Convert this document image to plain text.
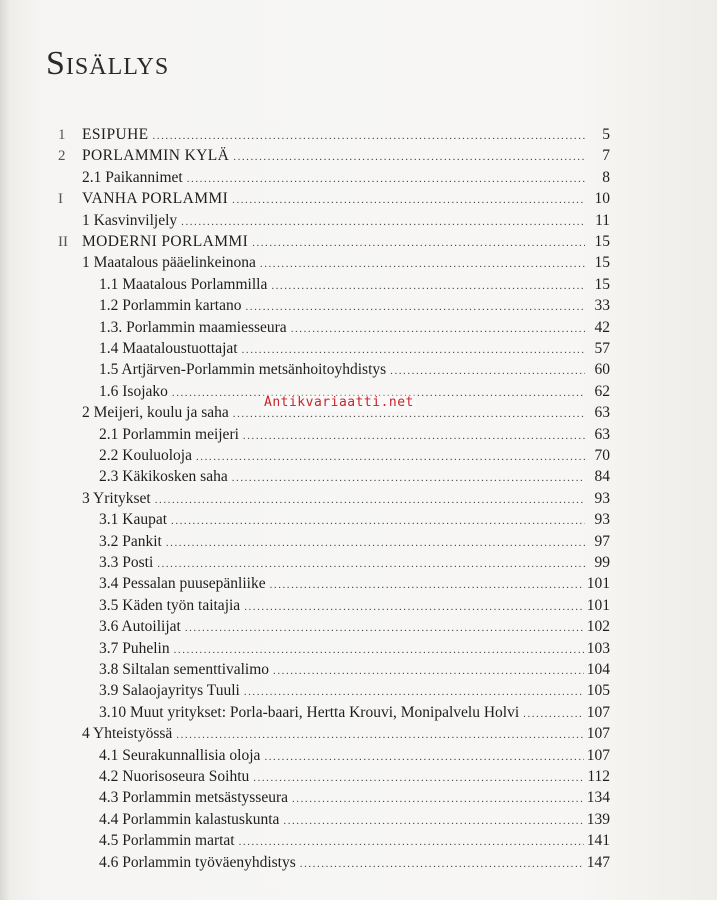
Sisällys
1	ESIPUHE . . .	5
2	PORLAMMIN KYLÄ . . .	7
2.1 Paikannimet . . .	8
I	VANHA PORLAMMI . . .	10
1 Kasvinviljely . . .	11
II MODERNI PORLAMMI . . .	15
1 Maatalous pääelinkeinona . . .	15
1.1 Maatalous Porlammilla . . .	15
1.2 Porlammin kartano . . .	33
1.3. Porlammin maamiesseura . . .	42
1.4 Maataloustuottajat . . .	57
1.5 Artjärven-Porlammin metsänhoitoyhdistys . . .	60
1.6 Isojako . . .	62
2 Meijeri, koulu ja saha . . .	63
2.1 Porlammin meijeri . . .	63
2.2 Kouluoloja . . .	70
2.3 Käkikosken saha . . .	84
3 Yritykset . . .	93
3.1 Kaupat . . .	93
3.2 Pankit . . .	97
3.3 Posti . . .	99
3.4 Pessalan puusepänliike . . .	101
3.5 Käden työn taitajia . . .	101
3.6 Autoilijat . . .	102
3.7 Puhelin . . .	103
3.8 Siltalan sementtivalimo . . .	104
3.9 Salaojayritys Tuuli . . .	105
3.10 Muut yritykset: Porla-baari, Hertta Krouvi, Monipalvelu Holvi . . .	107
4 Yhteistyössä . . .	107
4.1 Seurakunnallisia oloja . . .	107
4.2 Nuorisoseura Soihtu . . .	112
4.3 Porlammin metsästysseura . . .	134
4.4 Porlammin kalastuskunta . . .	139
4.5 Porlammin martat . . .	141
4.6 Porlammin työväenyhdistys . . .	147
Antikvariaatti.net
